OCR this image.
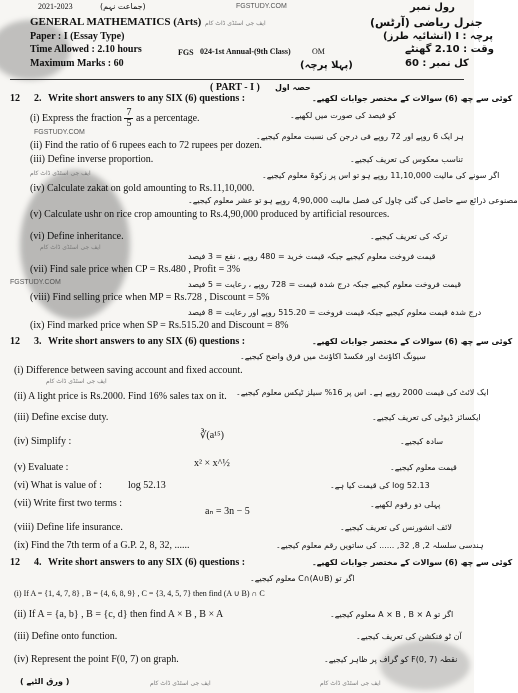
2021-2023	(جماعت نہم)	FGSTUDY.COM	رول نمبر
GENERAL MATHEMATICS (Arts) ایف جی اسٹڈی ڈاٹ کام	جنرل ریاضی (آرٹس)
Paper : I (Essay Type)	پرچہ : I (انشائیہ طرز)
Time Allowed : 2.10 hours	FGS 024-1st Annual-(9th Class)	OM	وقت : 2.10 گھنٹے
Maximum Marks : 60	(پہلا پرچہ)	کل نمبر : 60
( PART - I ) حصہ اول
12 2. Write short answers to any SIX (6) questions :	کوئی سے چھ (6) سوالات کے مختصر جوابات لکھیے۔
(i) Express the fraction $\frac{7}{5}$ as a percentage.	کو فیصد کی صورت میں لکھیے۔
FGSTUDY.COM
(ii) Find the ratio of 6 rupees each to 72 rupees per dozen.
ہر ایک 6 روپے اور 72 روپے فی درجن کی نسبت معلوم کیجیے۔
(iii) Define inverse proportion.	تناسب معکوس کی تعریف کیجیے۔
ایف جی اسٹڈی ڈاٹ کام
(iv) Calculate zakat on gold amounting to Rs.11,10,000.
اگر سونے کی مالیت 11,10,000 روپے ہو تو اس پر زکوۃ معلوم کیجیے۔
مصنوعی ذرائع سے حاصل کی گئی چاول کی فصل مالیت 4,90,000 روپے ہو تو عشر معلوم کیجیے۔
(v) Calculate ushr on rice crop amounting to Rs.4,90,000 produced by artificial resources.
(vi) Define inheritance.	ترکہ کی تعریف کیجیے۔
ایف جی اسٹڈی ڈاٹ کام
قیمت فروخت معلوم کیجیے جبکہ قیمت خرید = 480 روپے ، نفع = 3 فیصد
(vii) Find sale price when CP = Rs.480 , Profit = 3%
FGSTUDY.COM	قیمت فروخت معلوم کیجیے جبکہ درج شدہ قیمت = 728 روپے ، رعایت = 5 فیصد
(viii) Find selling price when MP = Rs.728 , Discount = 5%
درج شدہ قیمت معلوم کیجیے جبکہ قیمت فروخت = 515.20 روپے اور رعایت = 8 فیصد
(ix) Find marked price when SP = Rs.515.20 and Discount = 8%
12 3. Write short answers to any SIX (6) questions :	کوئی سے چھ (6) سوالات کے مختصر جوابات لکھیے۔
سیونگ اکاؤنٹ اور فکسڈ اکاؤنٹ میں فرق واضح کیجیے۔
(i) Difference between saving account and fixed account.
ایف جی اسٹڈی ڈاٹ کام
(ii) A light price is Rs.2000. Find 16% sales tax on it. ایک لائٹ کی قیمت 2000 روپے ہے۔ اس پر 16% سیلز ٹیکس معلوم کیجیے۔
(iii) Define excise duty.	ایکسائز ڈیوٹی کی تعریف کیجیے۔
(iv) Simplify :
∛(a¹⁵)
سادہ کیجیے۔
(v) Evaluate :	x² × x^½	قیمت معلوم کیجیے۔
(vi) What is value of :	log 52.13	log 52.13 کی قیمت کیا ہے۔
(vii) Write first two terms :
aₙ = 3n − 5
پہلی دو رقوم لکھیے۔
(viii) Define life insurance.	لائف انشورنس کی تعریف کیجیے۔
(ix) Find the 7th term of a G.P. 2, 8, 32, ......	ہندسی سلسلہ 2, 8, 32, ...... کی ساتویں رقم معلوم کیجیے۔
12 4. Write short answers to any SIX (6) questions :	کوئی سے چھ (6) سوالات کے مختصر جوابات لکھیے۔
اگر تو (A∪B)∩C معلوم کیجیے۔
(i) If A = {1, 4, 7, 8} , B = {4, 6, 8, 9} , C = {3, 4, 5, 7} then find (A ∪ B) ∩ C
(ii) If A = {a, b} , B = {c, d} then find A × B , B × A	اگر تو A × B , B × A معلوم کیجیے۔
(iii) Define onto function.	آن ٹو فنکشن کی تعریف کیجیے۔
(iv) Represent the point F(0, 7) on graph.	نقطہ F(0, 7) کو گراف پر ظاہر کیجیے۔
( ورق الٹیے )	ایف جی اسٹڈی ڈاٹ کام	ایف جی اسٹڈی ڈاٹ کام
